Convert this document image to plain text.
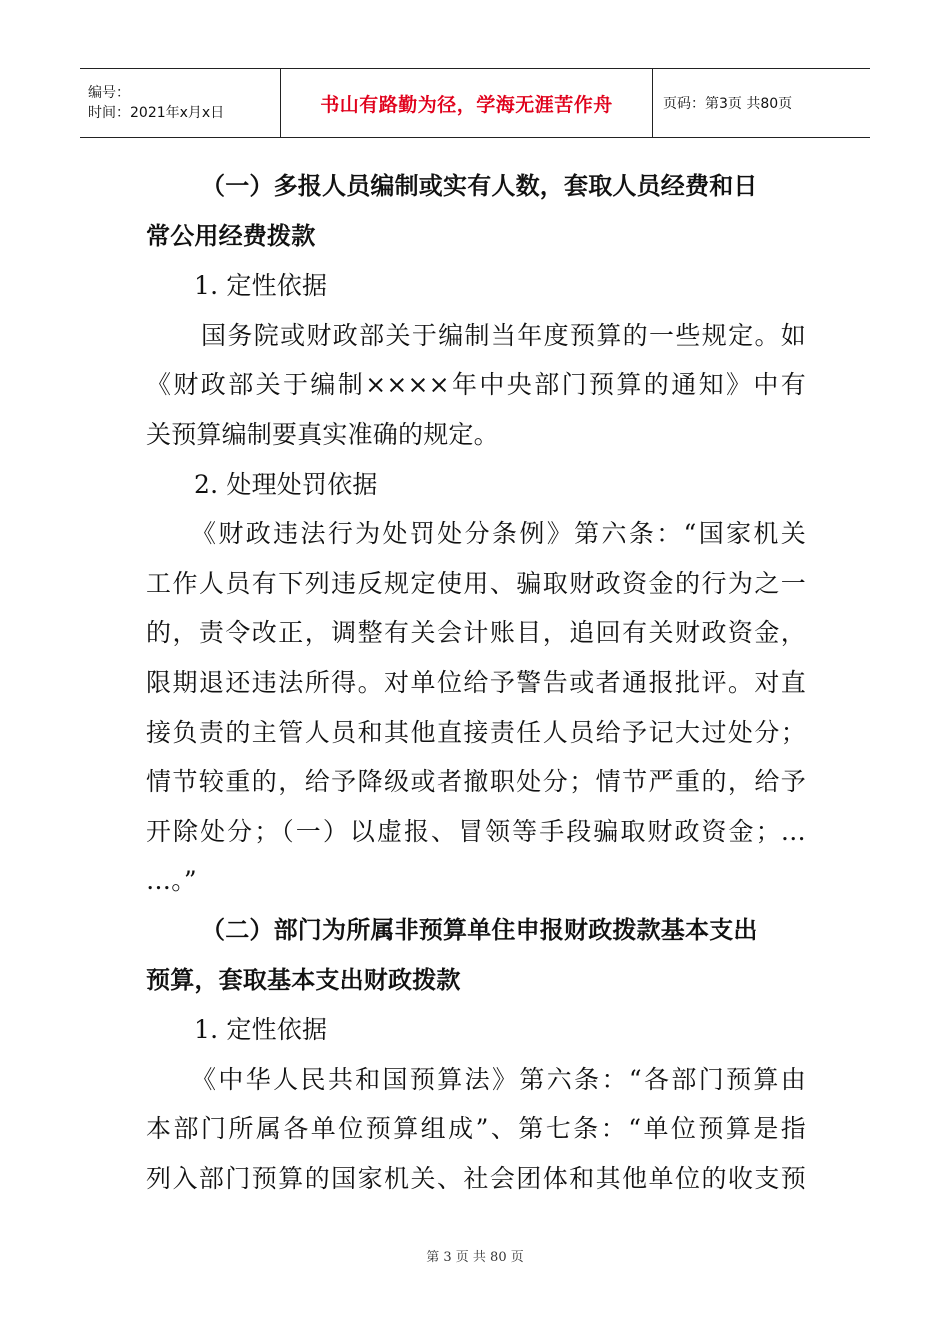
编号：
时间：2021年x月x日	书山有路勤为径，学海无涯苦作舟	页码：第3页 共80页
（一）多报人员编制或实有人数，套取人员经费和日
常公用经费拨款
1. 定性依据
国务院或财政部关于编制当年度预算的一些规定。如
《财政部关于编制××××年中央部门预算的通知》中有
关预算编制要真实准确的规定。
2. 处理处罚依据
《财政违法行为处罚处分条例》第六条：“国家机关
工作人员有下列违反规定使用、骗取财政资金的行为之一
的，责令改正，调整有关会计账目，追回有关财政资金，
限期退还违法所得。对单位给予警告或者通报批评。对直
接负责的主管人员和其他直接责任人员给予记大过处分；
情节较重的，给予降级或者撤职处分；情节严重的，给予
开除处分；（一）以虚报、冒领等手段骗取财政资金；…
…。”
（二）部门为所属非预算单住申报财政拨款基本支出
预算，套取基本支出财政拨款
1. 定性依据
《中华人民共和国预算法》第六条：“各部门预算由
本部门所属各单位预算组成”、第七条：“单位预算是指
列入部门预算的国家机关、社会团体和其他单位的收支预
第 3 页 共 80 页
